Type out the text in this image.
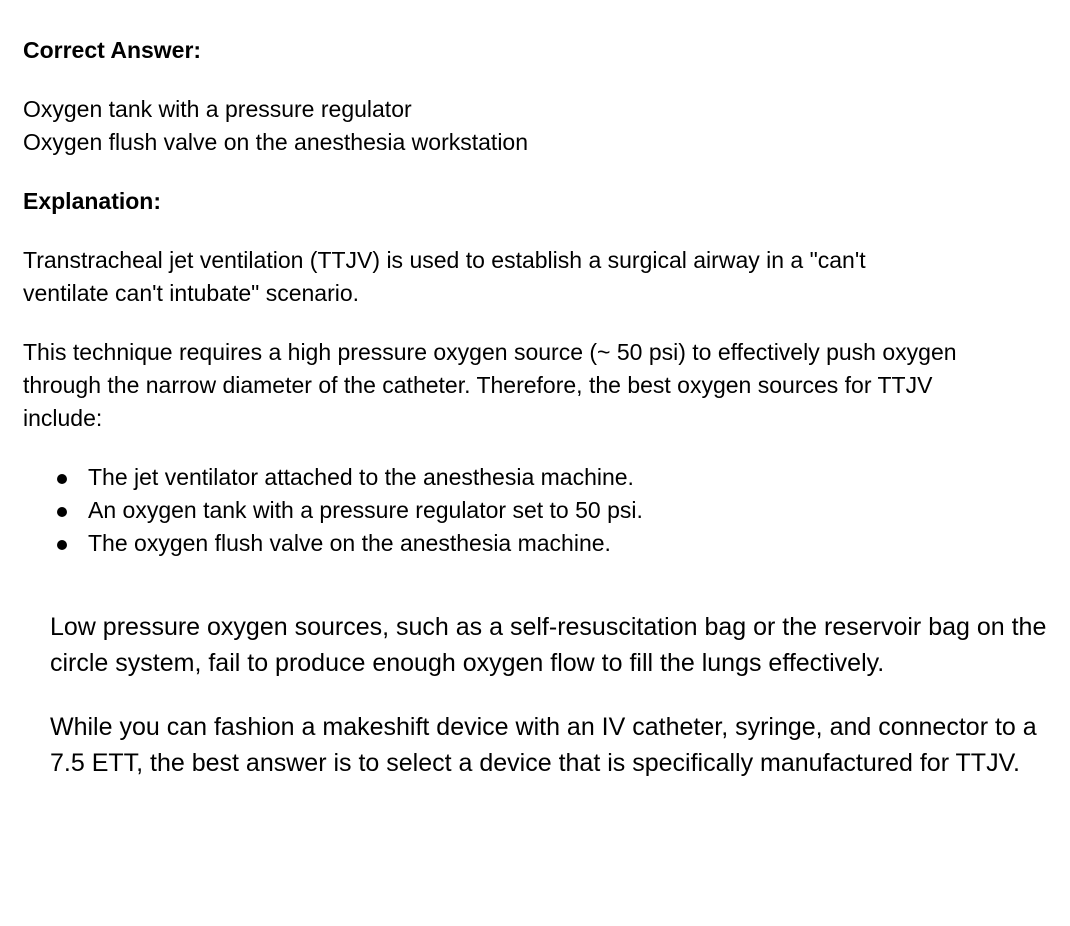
Correct Answer:

Oxygen tank with a pressure regulator
Oxygen flush valve on the anesthesia workstation

Explanation:

Transtracheal jet ventilation (TTJV) is used to establish a surgical airway in a "can't ventilate can't intubate" scenario.

This technique requires a high pressure oxygen source (~ 50 psi) to effectively push oxygen through the narrow diameter of the catheter. Therefore, the best oxygen sources for TTJV include:

The jet ventilator attached to the anesthesia machine.
An oxygen tank with a pressure regulator set to 50 psi.
The oxygen flush valve on the anesthesia machine.

Low pressure oxygen sources, such as a self-resuscitation bag or the reservoir bag on the circle system, fail to produce enough oxygen flow to fill the lungs effectively.

While you can fashion a makeshift device with an IV catheter, syringe, and connector to a 7.5 ETT, the best answer is to select a device that is specifically manufactured for TTJV.
